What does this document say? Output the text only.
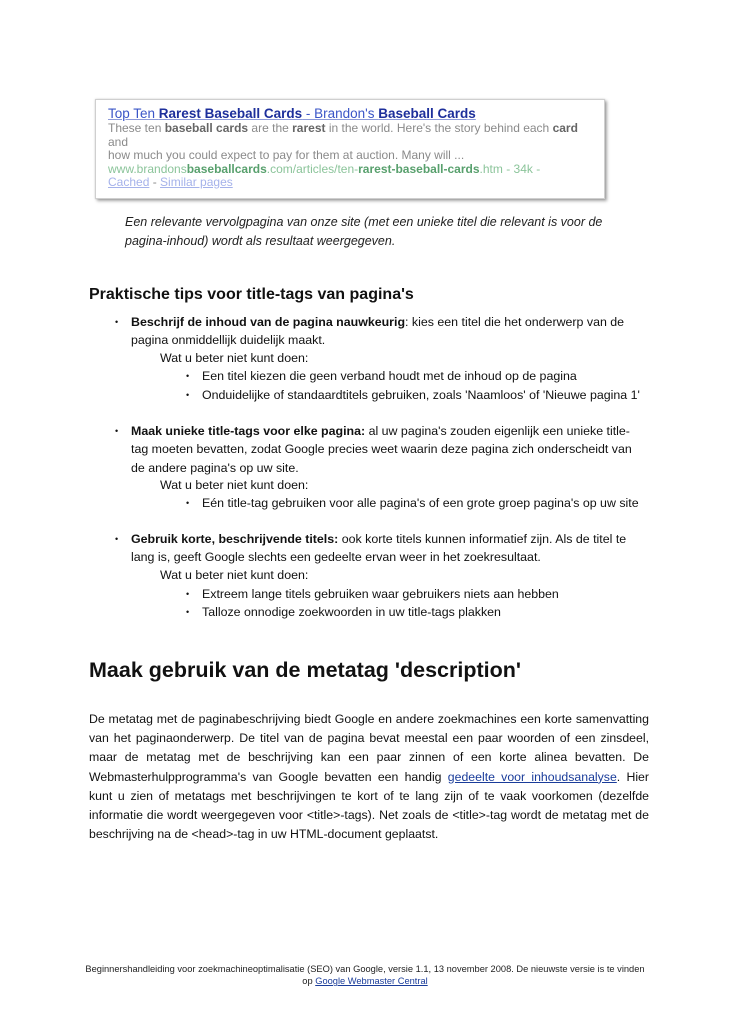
Top Ten Rarest Baseball Cards - Brandon's Baseball Cards
These ten baseball cards are the rarest in the world. Here's the story behind each card and
how much you could expect to pay for them at auction. Many will ...
www.brandonsbaseballcards.com/articles/ten-rarest-baseball-cards.htm - 34k -
Cached - Similar pages
Een relevante vervolgpagina van onze site (met een unieke titel die relevant is voor de pagina-inhoud) wordt als resultaat weergegeven.
Praktische tips voor title-tags van pagina's
•	Beschrijf de inhoud van de pagina nauwkeurig: kies een titel die het onderwerp van de pagina onmiddellijk duidelijk maakt.
Wat u beter niet kunt doen:
• Een titel kiezen die geen verband houdt met de inhoud op de pagina
• Onduidelijke of standaardtitels gebruiken, zoals 'Naamloos' of 'Nieuwe pagina 1'
•	Maak unieke title-tags voor elke pagina: al uw pagina's zouden eigenlijk een unieke title-tag moeten bevatten, zodat Google precies weet waarin deze pagina zich onderscheidt van de andere pagina's op uw site.
Wat u beter niet kunt doen:
• Eén title-tag gebruiken voor alle pagina's of een grote groep pagina's op uw site
•	Gebruik korte, beschrijvende titels: ook korte titels kunnen informatief zijn. Als de titel te lang is, geeft Google slechts een gedeelte ervan weer in het zoekresultaat.
Wat u beter niet kunt doen:
• Extreem lange titels gebruiken waar gebruikers niets aan hebben
• Talloze onnodige zoekwoorden in uw title-tags plakken
Maak gebruik van de metatag 'description'
De metatag met de paginabeschrijving biedt Google en andere zoekmachines een korte samenvatting van het paginaonderwerp. De titel van de pagina bevat meestal een paar woorden of een zinsdeel, maar de metatag met de beschrijving kan een paar zinnen of een korte alinea bevatten. De Webmasterhulpprogramma's van Google bevatten een handig gedeelte voor inhoudsanalyse. Hier kunt u zien of metatags met beschrijvingen te kort of te lang zijn of te vaak voorkomen (dezelfde informatie die wordt weergegeven voor <title>-tags). Net zoals de <title>-tag wordt de metatag met de beschrijving na de <head>-tag in uw HTML-document geplaatst.
Beginnershandleiding voor zoekmachineoptimalisatie (SEO) van Google, versie 1.1, 13 november 2008. De nieuwste versie is te vinden op Google Webmaster Central
